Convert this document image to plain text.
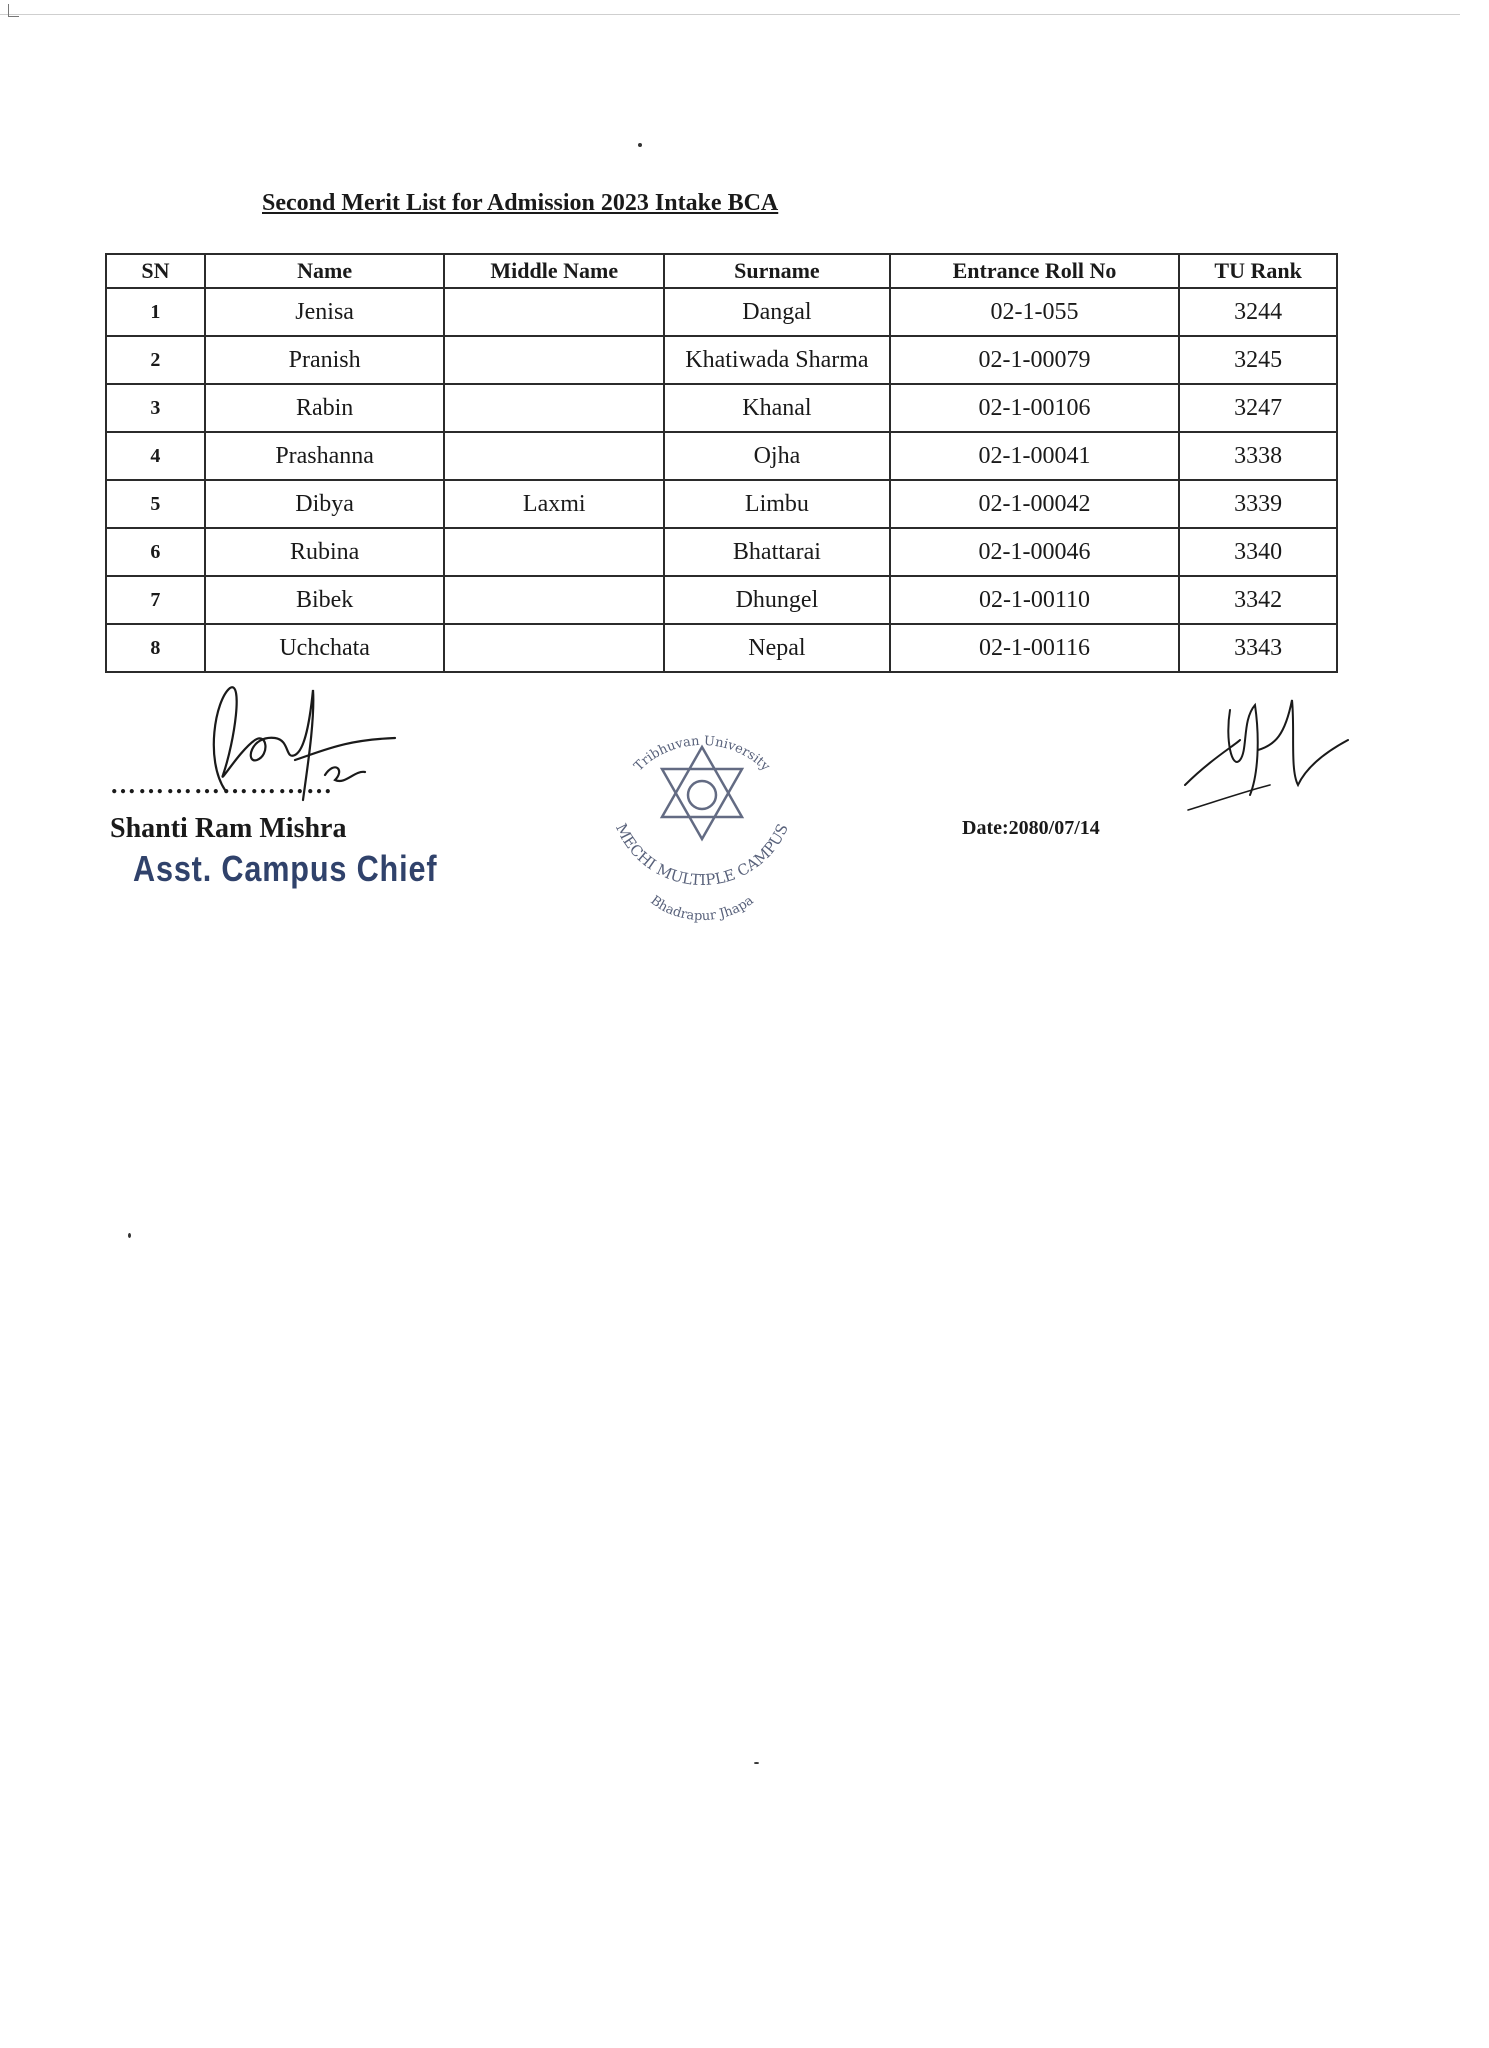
Second Merit List for Admission 2023 Intake BCA
SN	Name	Middle Name	Surname	Entrance Roll No	TU Rank
1	Jenisa		Dangal	02-1-055	3244
2	Pranish		Khatiwada Sharma	02-1-00079	3245
3	Rabin		Khanal	02-1-00106	3247
4	Prashanna		Ojha	02-1-00041	3338
5	Dibya	Laxmi	Limbu	02-1-00042	3339
6	Rubina		Bhattarai	02-1-00046	3340
7	Bibek		Dhungel	02-1-00110	3342
8	Uchchata		Nepal	02-1-00116	3343
……………………
Shanti Ram Mishra
Asst. Campus Chief
Tribhuvan University
MECHI MULTIPLE CAMPUS
Bhadrapur Jhapa
Date:2080/07/14
